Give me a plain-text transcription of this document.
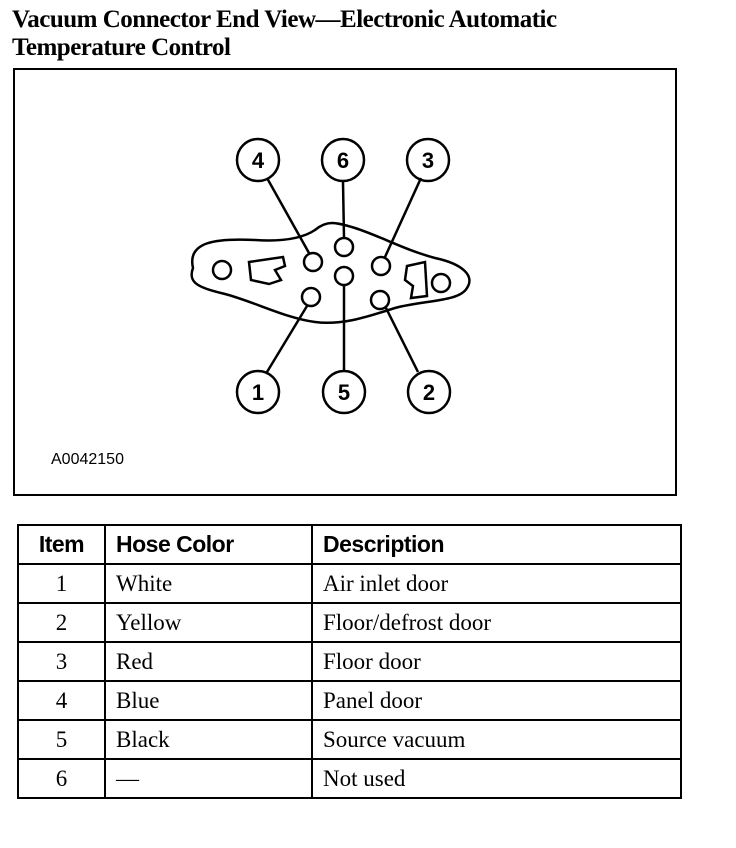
Vacuum Connector End View—Electronic Automatic
Temperature Control
4	6	3
1	5	2
A0042150
Item	Hose Color	Description
1	White	Air inlet door
2	Yellow	Floor/defrost door
3	Red	Floor door
4	Blue	Panel door
5	Black	Source vacuum
6	—	Not used
